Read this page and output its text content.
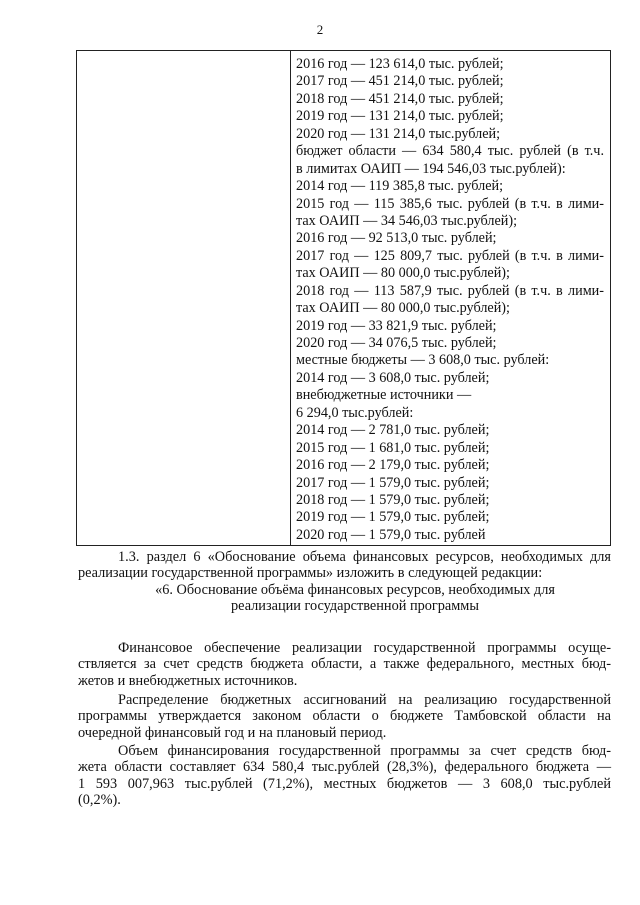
2
2016 год — 123 614,0 тыс. рублей;
2017 год — 451 214,0 тыс. рублей;
2018 год — 451 214,0 тыс. рублей;
2019 год — 131 214,0 тыс. рублей;
2020 год — 131 214,0 тыс.рублей;
бюджет области — 634 580,4 тыс. рублей (в т.ч.
в лимитах ОАИП — 194 546,03 тыс.рублей):
2014 год — 119 385,8 тыс. рублей;
2015 год — 115 385,6 тыс. рублей (в т.ч. в лими-
тах ОАИП — 34 546,03 тыс.рублей);
2016 год — 92 513,0 тыс. рублей;
2017 год — 125 809,7 тыс. рублей (в т.ч. в лими-
тах ОАИП — 80 000,0 тыс.рублей);
2018 год — 113 587,9 тыс. рублей (в т.ч. в лими-
тах ОАИП — 80 000,0 тыс.рублей);
2019 год — 33 821,9 тыс. рублей;
2020 год — 34 076,5 тыс. рублей;
местные бюджеты — 3 608,0 тыс. рублей:
2014 год — 3 608,0 тыс. рублей;
внебюджетные источники —
6 294,0 тыс.рублей:
2014 год — 2 781,0 тыс. рублей;
2015 год — 1 681,0 тыс. рублей;
2016 год — 2 179,0 тыс. рублей;
2017 год — 1 579,0 тыс. рублей;
2018 год — 1 579,0 тыс. рублей;
2019 год — 1 579,0 тыс. рублей;
2020 год — 1 579,0 тыс. рублей

1.3. раздел 6 «Обоснование объема финансовых ресурсов, необходимых для
реализации государственной программы» изложить в следующей редакции:

«6. Обоснование объёма финансовых ресурсов, необходимых для
реализации государственной программы

Финансовое обеспечение реализации государственной программы осуще-
ствляется за счет средств бюджета области, а также федерального, местных бюд-
жетов и внебюджетных источников.

Распределение бюджетных ассигнований на реализацию государственной
программы утверждается законом области о бюджете Тамбовской области на
очередной финансовый год и на плановый период.

Объем финансирования государственной программы за счет средств бюд-
жета области составляет 634 580,4 тыс.рублей (28,3%), федерального бюджета —
1 593 007,963 тыс.рублей (71,2%), местных бюджетов — 3 608,0 тыс.рублей
(0,2%).
